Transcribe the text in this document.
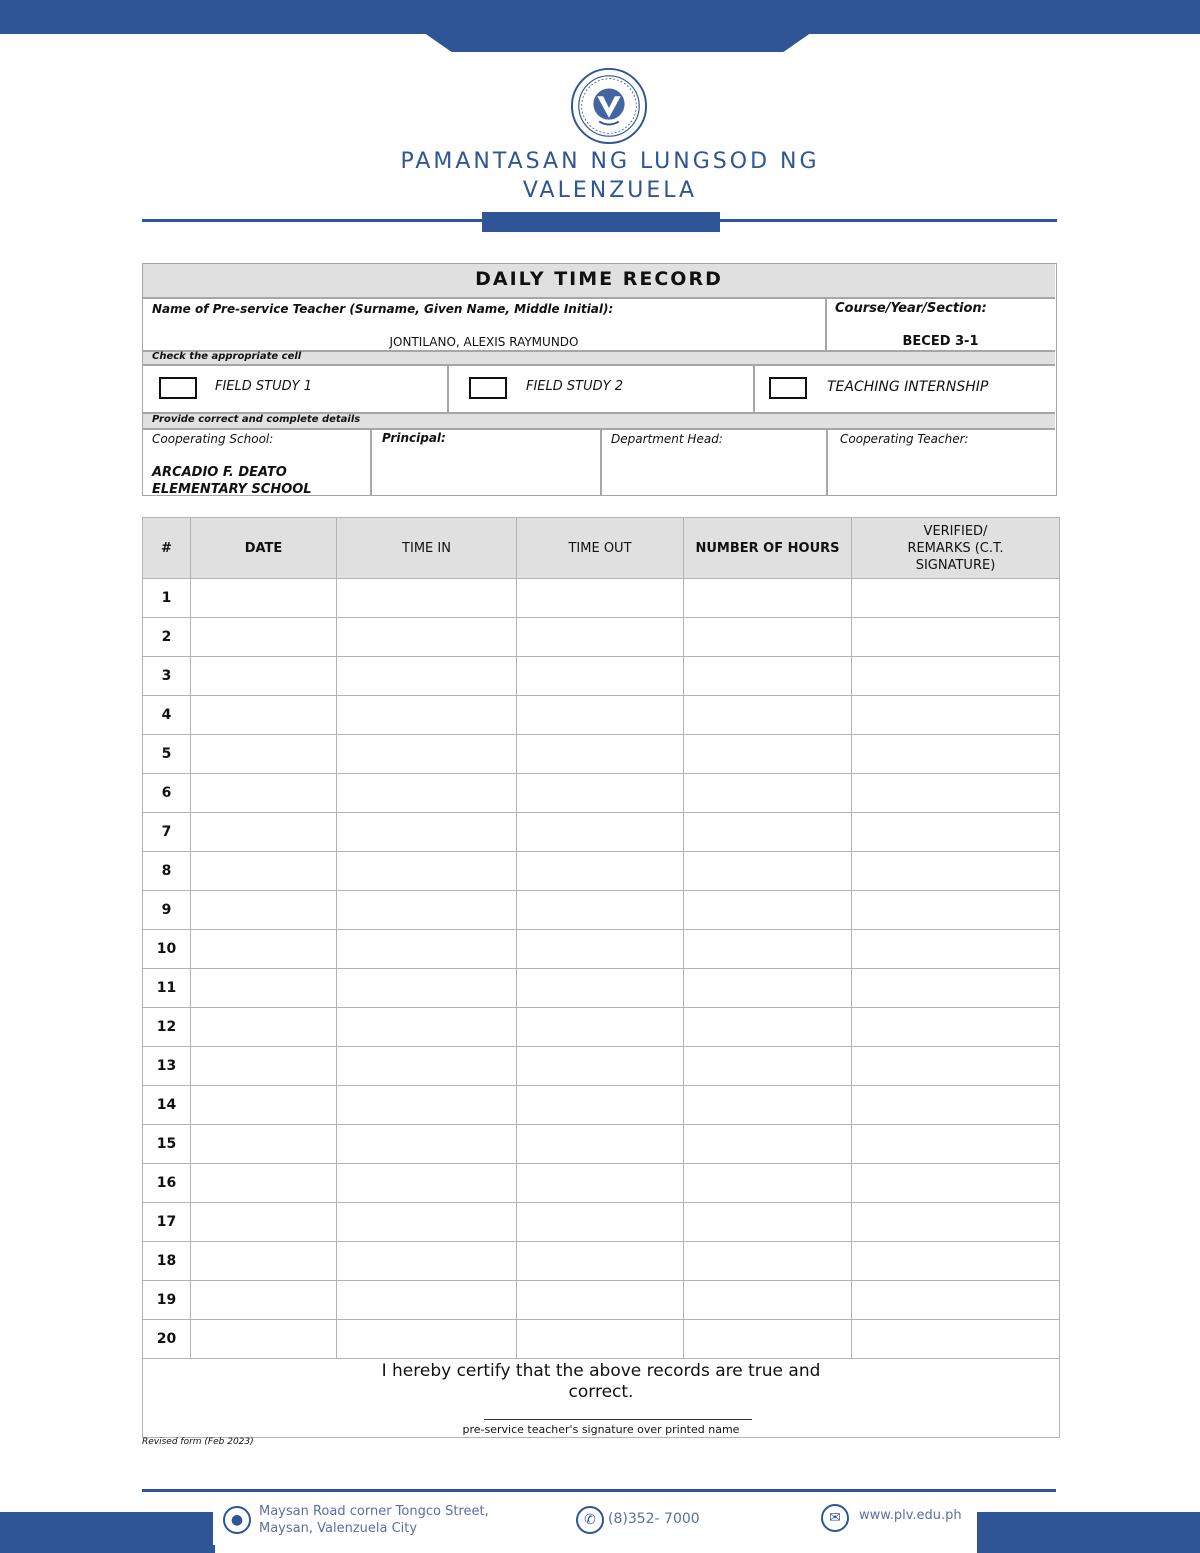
PAMANTASAN NG LUNGSOD NG
VALENZUELA
DAILY TIME RECORD
Name of Pre-service Teacher (Surname, Given Name, Middle Initial):
JONTILANO, ALEXIS RAYMUNDO
Course/Year/Section:
BECED 3-1
Check the appropriate cell
FIELD STUDY 1	FIELD STUDY 2	TEACHING INTERNSHIP
Provide correct and complete details
Cooperating School:
ARCADIO F. DEATO
ELEMENTARY SCHOOL
Principal:	Department Head:	Cooperating Teacher:
#	DATE	TIME IN	TIME OUT	NUMBER OF HOURS	VERIFIED/
REMARKS (C.T.
SIGNATURE)

1					
2					
3					
4					
5					
6					
7					
8					
9					
10					
11					
12					
13					
14					
15					
16					
17					
18					
19					
20					

I hereby certify that the above records are true and
correct.
pre-service teacher's signature over printed name					
Revised form (Feb 2023)
●
Maysan Road corner Tongco Street,
Maysan, Valenzuela City
✆ (8)352- 7000	✉	www.plv.edu.ph
